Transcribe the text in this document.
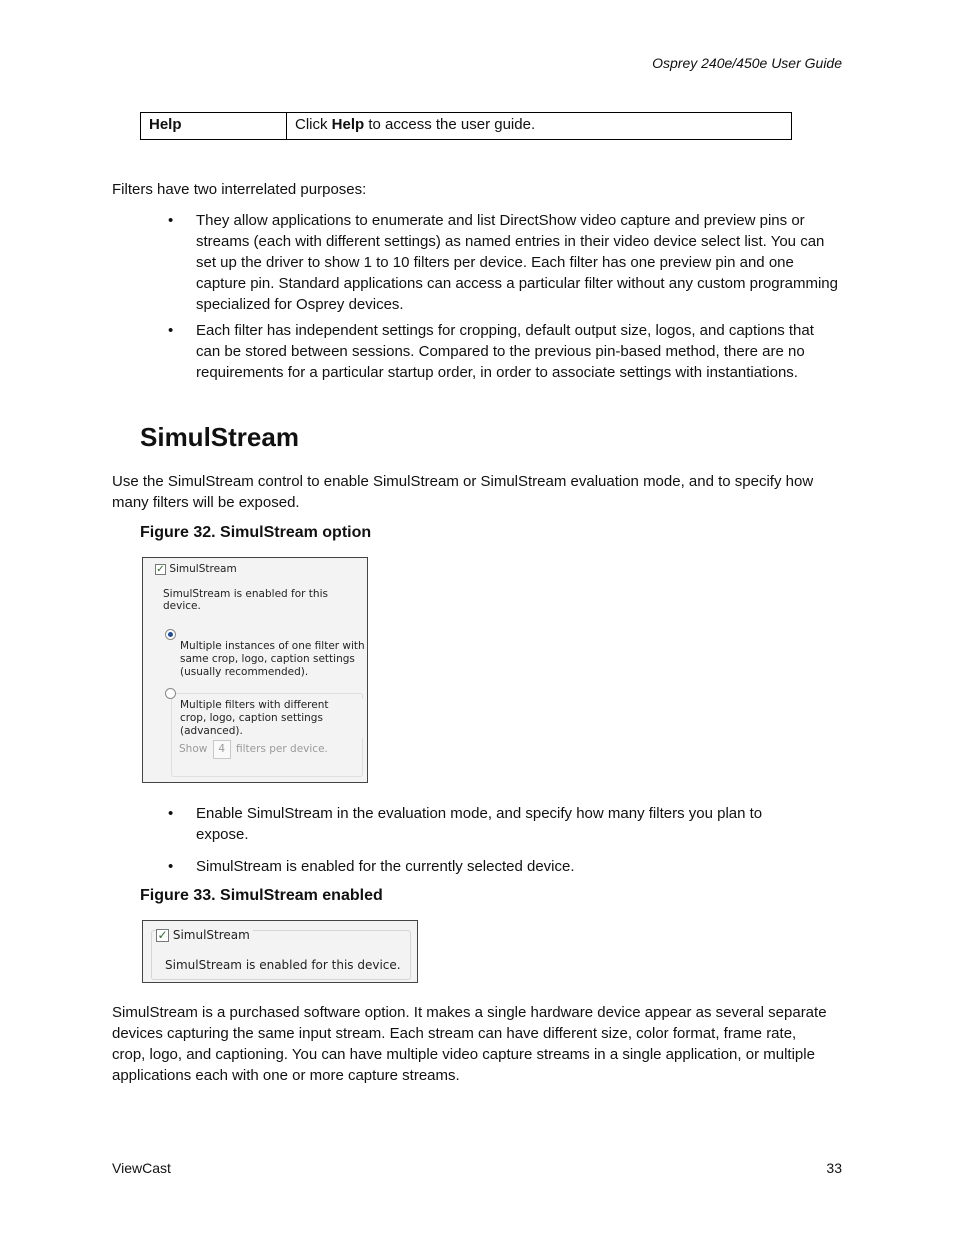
Osprey 240e/450e User Guide
Help	Click Help to access the user guide.
Filters have two interrelated purposes:
• They allow applications to enumerate and list DirectShow video capture and preview pins or streams (each with different settings) as named entries in their video device select list. You can set up the driver to show 1 to 10 filters per device. Each filter has one preview pin and one capture pin. Standard applications can access a particular filter without any custom programming specialized for Osprey devices.
• Each filter has independent settings for cropping, default output size, logos, and captions that can be stored between sessions. Compared to the previous pin-based method, there are no requirements for a particular startup order, in order to associate settings with instantiations.
SimulStream
Use the SimulStream control to enable SimulStream or SimulStream evaluation mode, and to specify how many filters will be exposed.
Figure 32. SimulStream option
✓ SimulStream
SimulStream is enabled for this device.
Multiple instances of one filter with
same crop, logo, caption settings
(usually recommended).
Multiple filters with different
crop, logo, caption settings
(advanced).
Show 4 filters per device.
• Enable SimulStream in the evaluation mode, and specify how many filters you plan to expose.
• SimulStream is enabled for the currently selected device.
Figure 33. SimulStream enabled
✓ SimulStream
SimulStream is enabled for this device.
SimulStream is a purchased software option. It makes a single hardware device appear as several separate devices capturing the same input stream. Each stream can have different size, color format, frame rate, crop, logo, and captioning. You can have multiple video capture streams in a single application, or multiple applications each with one or more capture streams.
ViewCast	33
